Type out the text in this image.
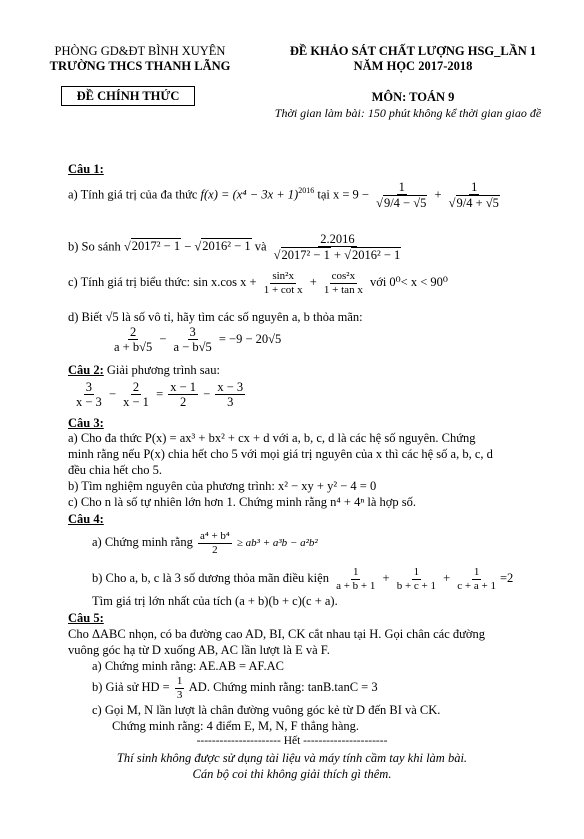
PHÒNG GD&ĐT BÌNH XUYÊN
TRƯỜNG THCS THANH LÃNG
ĐỀ CHÍNH THỨC
ĐỀ KHẢO SÁT CHẤT LƯỢNG HSG_LẦN 1
NĂM HỌC 2017-2018
MÔN: TOÁN 9
Thời gian làm bài: 150 phút không kể thời gian giao đề
Câu 1:
a) Tính giá trị của đa thức $f(x) = (x^4 - 3x + 1)^{2016}$ tại $x = 9 - \frac{1}{√9/4 - √5} + \frac{1}{√9/4 + √5}$
b) So sánh √2017² − 1 − √2016² − 1 và $\frac{2.2016}{\text{√2017² − 1 + √2016² − 1}}$
c) Tính giá trị biểu thức: sin x.cos $x + \frac{\text{sin²x}}{\text{1 + cot x}} + \frac{\text{cos²x}}{\text{1 + tan x}}$ với 0⁰< x < 90⁰
d) Biết √5 là số vô tỉ, hãy tìm các số nguyên a, b thỏa mãn:
$\frac{2}{a + b√5} - \frac{3}{a - b√5} = -9 - 20√5$
Câu 2: Giải phương trình sau:
$\frac{3}{x - 3} - \frac{2}{x - 1} = \frac{x - 1}{2} - \frac{x - 3}{3}$
Câu 3:
a) Cho đa thức P(x) = ax³ + bx² + cx + d với a, b, c, d là các hệ số nguyên. Chứng
minh rằng nếu P(x) chia hết cho 5 với mọi giá trị nguyên của x thì các hệ số a, b, c, d
đều chia hết cho 5.
b) Tìm nghiệm nguyên của phương trình: x² − xy + y² − 4 = 0
c) Cho n là số tự nhiên lớn hơn 1. Chứng minh rằng n⁴ + 4ⁿ là hợp số.
Câu 4:
a) Chứng minh rằng $\frac{\text{a⁴ + b⁴}}{2} \ge ab^3 + a^3b - a^2b^2$
b) Cho a, b, c là 3 số dương thỏa mãn điều kiện $\frac{1}{a + b + 1} + \frac{1}{b + c + 1} + \frac{1}{c + a + 1} =2$
Tìm giá trị lớn nhất của tích (a + b)(b + c)(c + a).
Câu 5:
Cho ΔABC nhọn, có ba đường cao AD, BI, CK cắt nhau tại H. Gọi chân các đường
vuông góc hạ từ D xuống AB, AC lần lượt là E và F.
a) Chứng minh rằng: AE.AB = AF.AC
b) Giả sử HD = $\frac{1}{3}$ AD. Chứng minh rằng: tanB.tanC = 3
c) Gọi M, N lần lượt là chân đường vuông góc kẻ từ D đến BI và CK.
Chứng minh rằng: 4 điểm E, M, N, F thẳng hàng.
---------------------- Hết ----------------------
Thí sinh không được sử dụng tài liệu và máy tính cầm tay khi làm bài.
Cán bộ coi thi không giải thích gì thêm.
